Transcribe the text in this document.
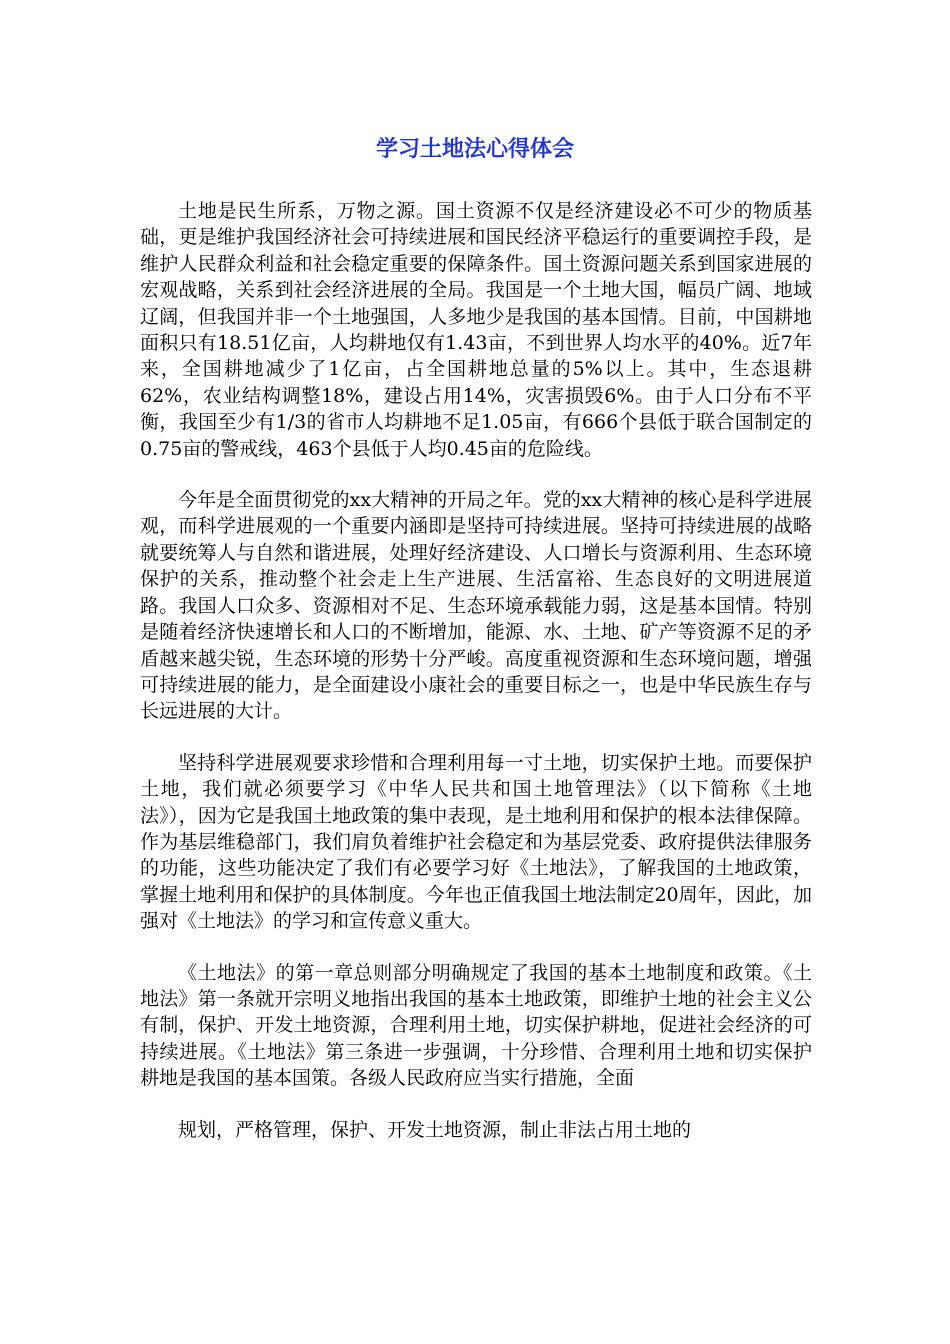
学习土地法心得体会

土地是民生所系，万物之源。国土资源不仅是经济建设必不可少的物质基础，更是维护我国经济社会可持续进展和国民经济平稳运行的重要调控手段，是维护人民群众利益和社会稳定重要的保障条件。国土资源问题关系到国家进展的宏观战略，关系到社会经济进展的全局。我国是一个土地大国，幅员广阔、地域辽阔，但我国并非一个土地强国，人多地少是我国的基本国情。目前，中国耕地面积只有18.51亿亩，人均耕地仅有1.43亩，不到世界人均水平的40%。近7年来，全国耕地减少了1亿亩，占全国耕地总量的5%以上。其中，生态退耕62%，农业结构调整18%，建设占用14%，灾害损毁6%。由于人口分布不平衡，我国至少有1/3的省市人均耕地不足1.05亩，有666个县低于联合国制定的0.75亩的警戒线，463个县低于人均0.45亩的危险线。

今年是全面贯彻党的xx大精神的开局之年。党的xx大精神的核心是科学进展观，而科学进展观的一个重要内涵即是坚持可持续进展。坚持可持续进展的战略就要统筹人与自然和谐进展，处理好经济建设、人口增长与资源利用、生态环境保护的关系，推动整个社会走上生产进展、生活富裕、生态良好的文明进展道路。我国人口众多、资源相对不足、生态环境承载能力弱，这是基本国情。特别是随着经济快速增长和人口的不断增加，能源、水、土地、矿产等资源不足的矛盾越来越尖锐，生态环境的形势十分严峻。高度重视资源和生态环境问题，增强可持续进展的能力，是全面建设小康社会的重要目标之一，也是中华民族生存与长远进展的大计。

坚持科学进展观要求珍惜和合理利用每一寸土地，切实保护土地。而要保护土地，我们就必须要学习《中华人民共和国土地管理法》（以下简称《土地法》），因为它是我国土地政策的集中表现，是土地利用和保护的根本法律保障。作为基层维稳部门，我们肩负着维护社会稳定和为基层党委、政府提供法律服务的功能，这些功能决定了我们有必要学习好《土地法》，了解我国的土地政策，掌握土地利用和保护的具体制度。今年也正值我国土地法制定20周年，因此，加强对《土地法》的学习和宣传意义重大。

《土地法》的第一章总则部分明确规定了我国的基本土地制度和政策。《土地法》第一条就开宗明义地指出我国的基本土地政策，即维护土地的社会主义公有制，保护、开发土地资源，合理利用土地，切实保护耕地，促进社会经济的可持续进展。《土地法》第三条进一步强调，十分珍惜、合理利用土地和切实保护耕地是我国的基本国策。各级人民政府应当实行措施，全面

规划，严格管理，保护、开发土地资源，制止非法占用土地的
